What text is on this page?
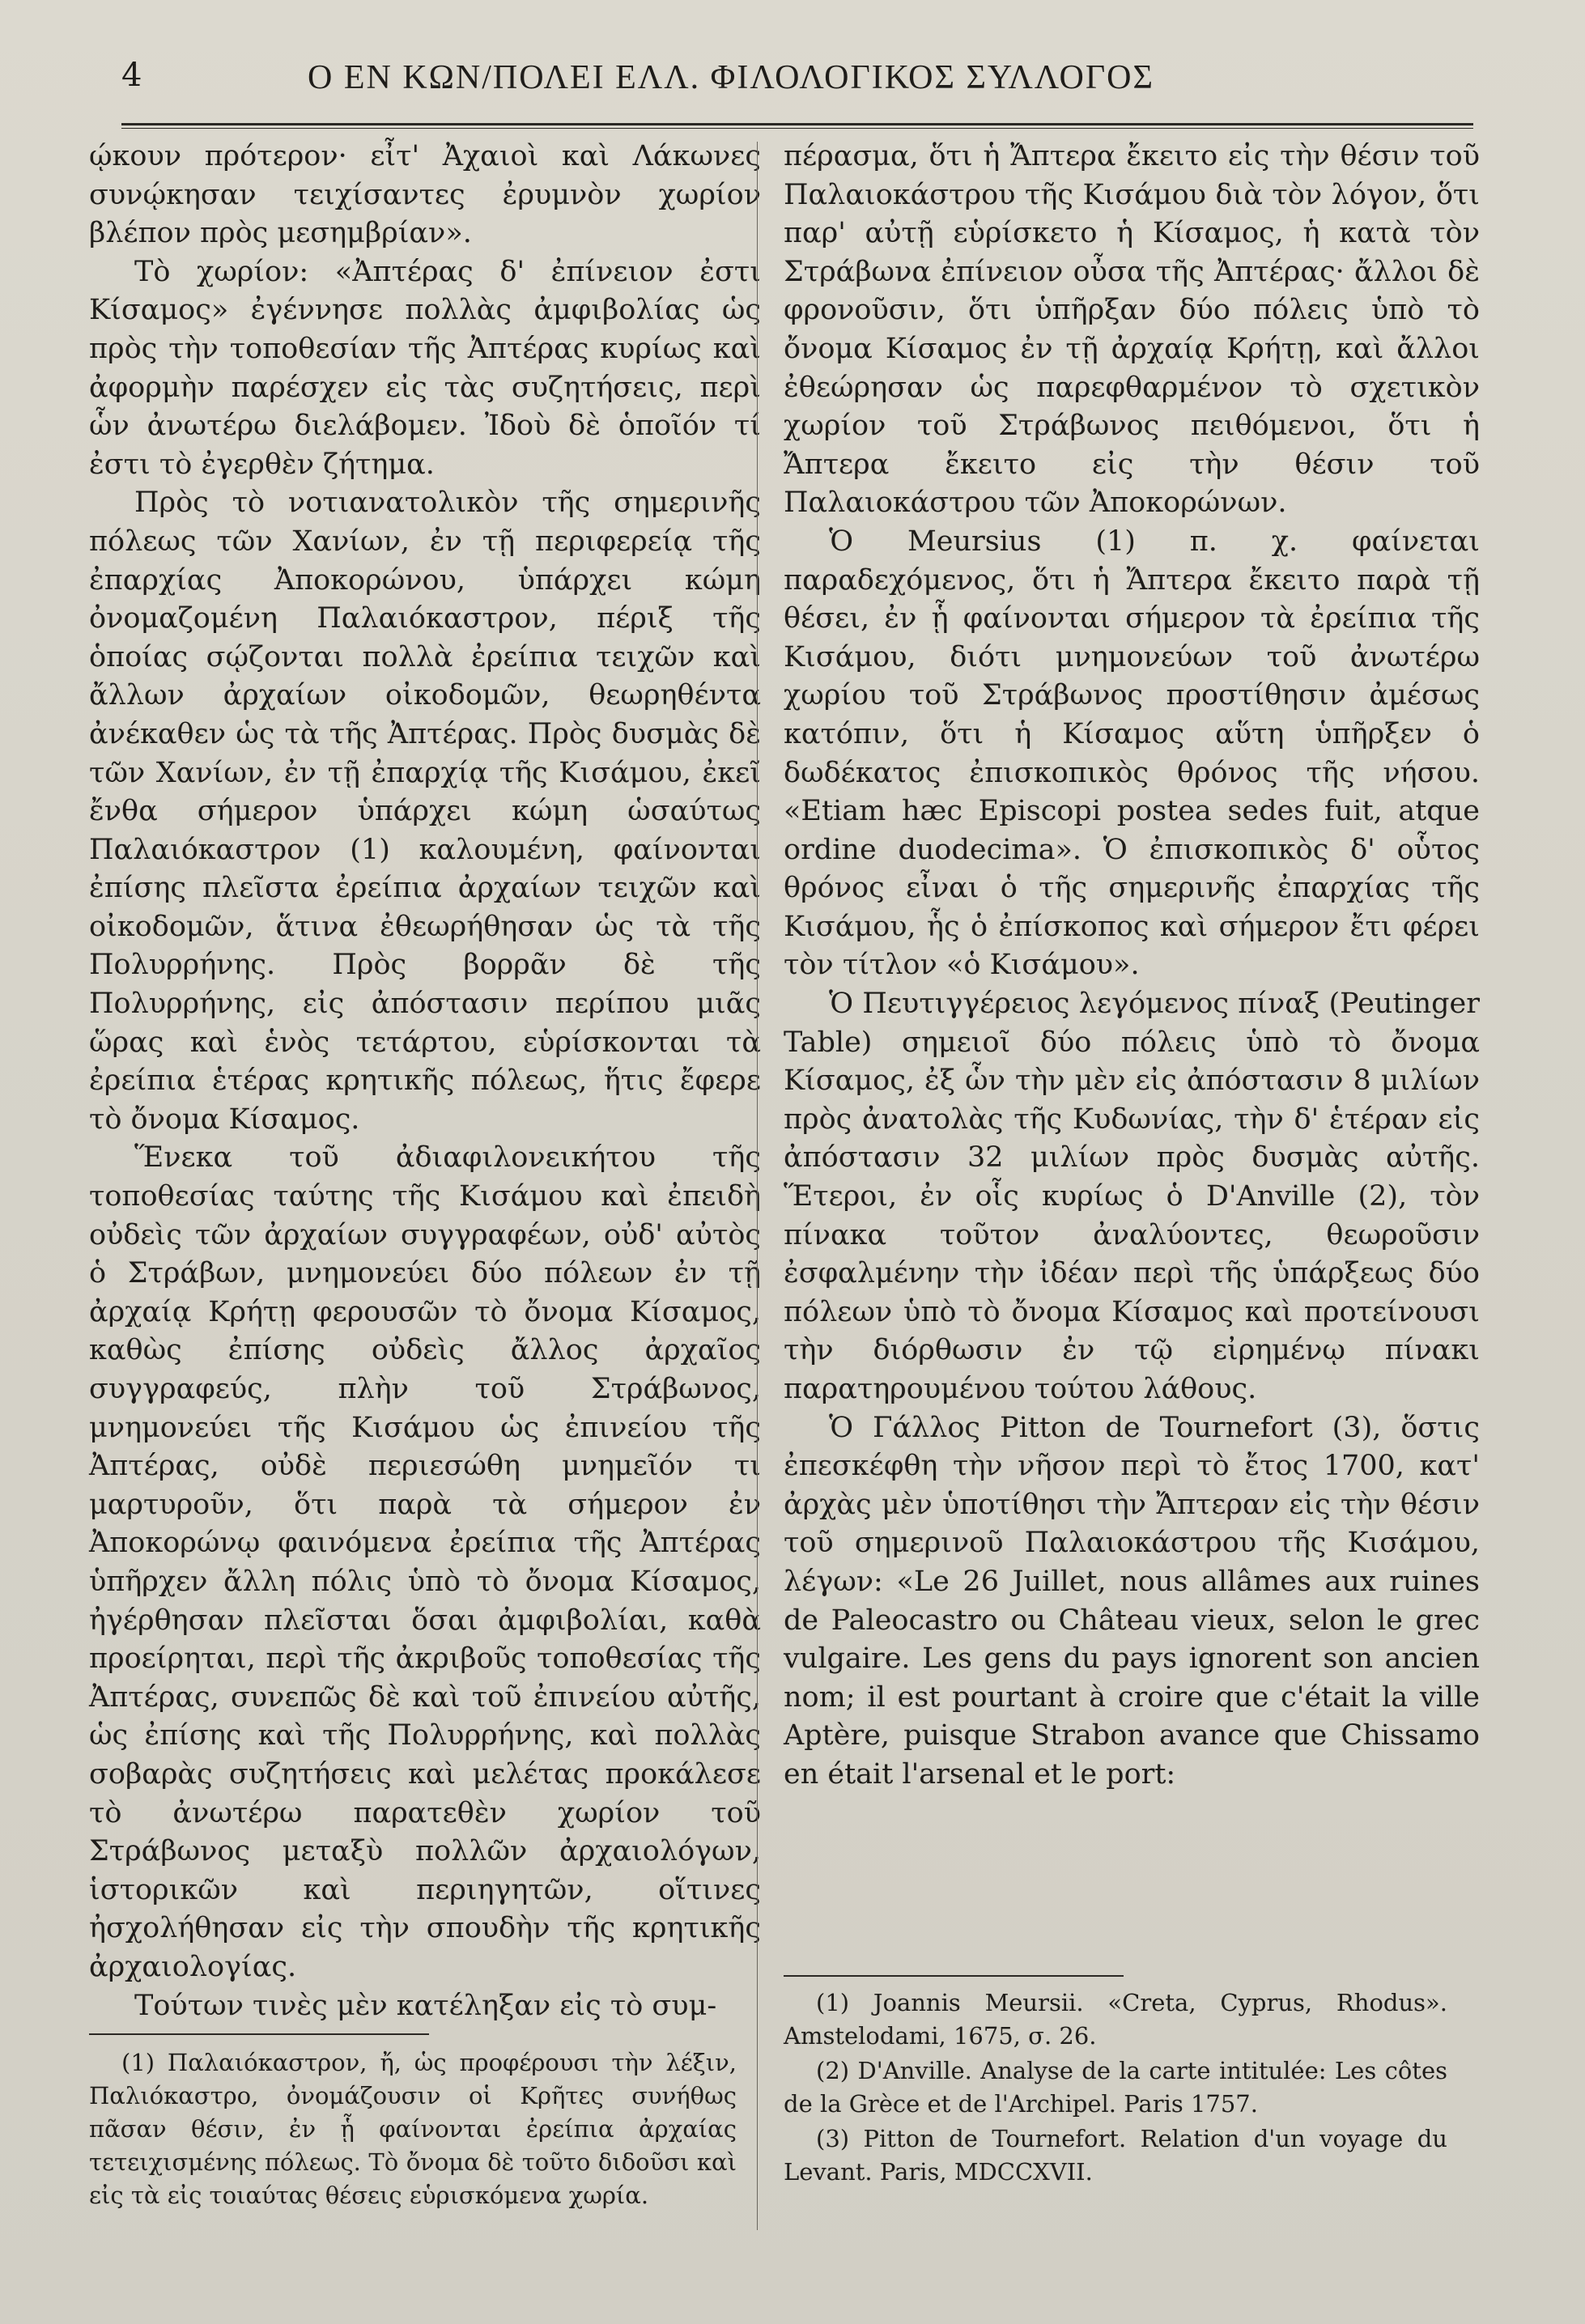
4	Ο ΕΝ ΚΩΝ/ΠΟΛΕΙ ΕΛΛ. ΦΙΛΟΛΟΓΙΚΟΣ ΣΥΛΛΟΓΟΣ

ῴκουν πρότερον· εἶτ' Ἀχαιοὶ καὶ Λάκωνες συνῴκησαν τειχίσαντες ἐρυμνὸν χωρίον βλέπον πρὸς μεσημβρίαν».

Τὸ χωρίον: «Ἀπτέρας δ' ἐπίνειον ἐστι Κίσαμος» ἐγέννησε πολλὰς ἀμφιβολίας ὡς πρὸς τὴν τοποθεσίαν τῆς Ἀπτέρας κυρίως καὶ ἀφορμὴν παρέσχεν εἰς τὰς συζητήσεις, περὶ ὧν ἀνωτέρω διελάβομεν. Ἰδοὺ δὲ ὁποῖόν τί ἐστι τὸ ἐγερθὲν ζήτημα.

Πρὸς τὸ νοτιανατολικὸν τῆς σημερινῆς πόλεως τῶν Χανίων, ἐν τῇ περιφερείᾳ τῆς ἐπαρχίας Ἀποκορώνου, ὑπάρχει κώμη ὀνομαζομένη Παλαιόκαστρον, πέριξ τῆς ὁποίας σῴζονται πολλὰ ἐρείπια τειχῶν καὶ ἄλλων ἀρχαίων οἰκοδομῶν, θεωρηθέντα ἀνέκαθεν ὡς τὰ τῆς Ἀπτέρας. Πρὸς δυσμὰς δὲ τῶν Χανίων, ἐν τῇ ἐπαρχίᾳ τῆς Κισάμου, ἐκεῖ ἔνθα σήμερον ὑπάρχει κώμη ὡσαύτως Παλαιόκαστρον (1) καλουμένη, φαίνονται ἐπίσης πλεῖστα ἐρείπια ἀρχαίων τειχῶν καὶ οἰκοδομῶν, ἅτινα ἐθεωρήθησαν ὡς τὰ τῆς Πολυρρήνης. Πρὸς βορρᾶν δὲ τῆς Πολυρρήνης, εἰς ἀπόστασιν περίπου μιᾶς ὥρας καὶ ἑνὸς τετάρτου, εὑρίσκονται τὰ ἐρείπια ἑτέρας κρητικῆς πόλεως, ἥτις ἔφερε τὸ ὄνομα Κίσαμος.

Ἕνεκα τοῦ ἀδιαφιλονεικήτου τῆς τοποθεσίας ταύτης τῆς Κισάμου καὶ ἐπειδὴ οὐδεὶς τῶν ἀρχαίων συγγραφέων, οὐδ' αὐτὸς ὁ Στράβων, μνημονεύει δύο πόλεων ἐν τῇ ἀρχαίᾳ Κρήτῃ φερουσῶν τὸ ὄνομα Κίσαμος, καθὼς ἐπίσης οὐδεὶς ἄλλος ἀρχαῖος συγγραφεύς, πλὴν τοῦ Στράβωνος, μνημονεύει τῆς Κισάμου ὡς ἐπινείου τῆς Ἀπτέρας, οὐδὲ περιεσώθη μνημεῖόν τι μαρτυροῦν, ὅτι παρὰ τὰ σήμερον ἐν Ἀποκορώνῳ φαινόμενα ἐρείπια τῆς Ἀπτέρας ὑπῆρχεν ἄλλη πόλις ὑπὸ τὸ ὄνομα Κίσαμος, ἠγέρθησαν πλεῖσται ὅσαι ἀμφιβολίαι, καθὰ προείρηται, περὶ τῆς ἀκριβοῦς τοποθεσίας τῆς Ἀπτέρας, συνεπῶς δὲ καὶ τοῦ ἐπινείου αὐτῆς, ὡς ἐπίσης καὶ τῆς Πολυρρήνης, καὶ πολλὰς σοβαρὰς συζητήσεις καὶ μελέτας προκάλεσε τὸ ἀνωτέρω παρατεθὲν χωρίον τοῦ Στράβωνος μεταξὺ πολλῶν ἀρχαιολόγων, ἱστορικῶν καὶ περιηγητῶν, οἵτινες ἠσχολήθησαν εἰς τὴν σπουδὴν τῆς κρητικῆς ἀρχαιολογίας.

Τούτων τινὲς μὲν κατέληξαν εἰς τὸ συμ-

πέρασμα, ὅτι ἡ Ἄπτερα ἔκειτο εἰς τὴν θέσιν τοῦ Παλαιοκάστρου τῆς Κισάμου διὰ τὸν λόγον, ὅτι παρ' αὐτῇ εὑρίσκετο ἡ Κίσαμος, ἡ κατὰ τὸν Στράβωνα ἐπίνειον οὖσα τῆς Ἀπτέρας· ἄλλοι δὲ φρονοῦσιν, ὅτι ὑπῆρξαν δύο πόλεις ὑπὸ τὸ ὄνομα Κίσαμος ἐν τῇ ἀρχαίᾳ Κρήτῃ, καὶ ἄλλοι ἐθεώρησαν ὡς παρεφθαρμένον τὸ σχετικὸν χωρίον τοῦ Στράβωνος πειθόμενοι, ὅτι ἡ Ἄπτερα ἔκειτο εἰς τὴν θέσιν τοῦ Παλαιοκάστρου τῶν Ἀποκορώνων.

Ὁ Meursius (1) π. χ. φαίνεται παραδεχόμενος, ὅτι ἡ Ἄπτερα ἔκειτο παρὰ τῇ θέσει, ἐν ᾗ φαίνονται σήμερον τὰ ἐρείπια τῆς Κισάμου, διότι μνημονεύων τοῦ ἀνωτέρω χωρίου τοῦ Στράβωνος προστίθησιν ἀμέσως κατόπιν, ὅτι ἡ Κίσαμος αὕτη ὑπῆρξεν ὁ δωδέκατος ἐπισκοπικὸς θρόνος τῆς νήσου. «Etiam hæc Episcopi postea sedes fuit, atque ordine duodecima». Ὁ ἐπισκοπικὸς δ' οὗτος θρόνος εἶναι ὁ τῆς σημερινῆς ἐπαρχίας τῆς Κισάμου, ἧς ὁ ἐπίσκοπος καὶ σήμερον ἔτι φέρει τὸν τίτλον «ὁ Κισάμου».

Ὁ Πευτιγγέρειος λεγόμενος πίναξ (Peutinger Table) σημειοῖ δύο πόλεις ὑπὸ τὸ ὄνομα Κίσαμος, ἐξ ὧν τὴν μὲν εἰς ἀπόστασιν 8 μιλίων πρὸς ἀνατολὰς τῆς Κυδωνίας, τὴν δ' ἑτέραν εἰς ἀπόστασιν 32 μιλίων πρὸς δυσμὰς αὐτῆς. Ἕτεροι, ἐν οἷς κυρίως ὁ D'Anville (2), τὸν πίνακα τοῦτον ἀναλύοντες, θεωροῦσιν ἐσφαλμένην τὴν ἰδέαν περὶ τῆς ὑπάρξεως δύο πόλεων ὑπὸ τὸ ὄνομα Κίσαμος καὶ προτείνουσι τὴν διόρθωσιν ἐν τῷ εἰρημένῳ πίνακι παρατηρουμένου τούτου λάθους.

Ὁ Γάλλος Pitton de Tournefort (3), ὅστις ἐπεσκέφθη τὴν νῆσον περὶ τὸ ἔτος 1700, κατ' ἀρχὰς μὲν ὑποτίθησι τὴν Ἄπτεραν εἰς τὴν θέσιν τοῦ σημερινοῦ Παλαιοκάστρου τῆς Κισάμου, λέγων: «Le 26 Juillet, nous allâmes aux ruines de Paleocastro ou Château vieux, selon le grec vulgaire. Les gens du pays ignorent son ancien nom; il est pourtant à croire que c'était la ville Aptère, puisque Strabon avance que Chissamo en était l'arsenal et le port:

(1) Παλαιόκαστρον, ἤ, ὡς προφέρουσι τὴν λέξιν, Παλιόκαστρο, ὀνομάζουσιν οἱ Κρῆτες συνήθως πᾶσαν θέσιν, ἐν ᾗ φαίνονται ἐρείπια ἀρχαίας τετειχισμένης πόλεως. Τὸ ὄνομα δὲ τοῦτο διδοῦσι καὶ εἰς τὰ εἰς τοιαύτας θέσεις εὑρισκόμενα χωρία.

(1) Joannis Meursii. «Creta, Cyprus, Rhodus». Amstelodami, 1675, σ. 26.

(2) D'Anville. Analyse de la carte intitulée: Les côtes de la Grèce et de l'Archipel. Paris 1757.

(3) Pitton de Tournefort. Relation d'un voyage du Levant. Paris, MDCCXVII.
